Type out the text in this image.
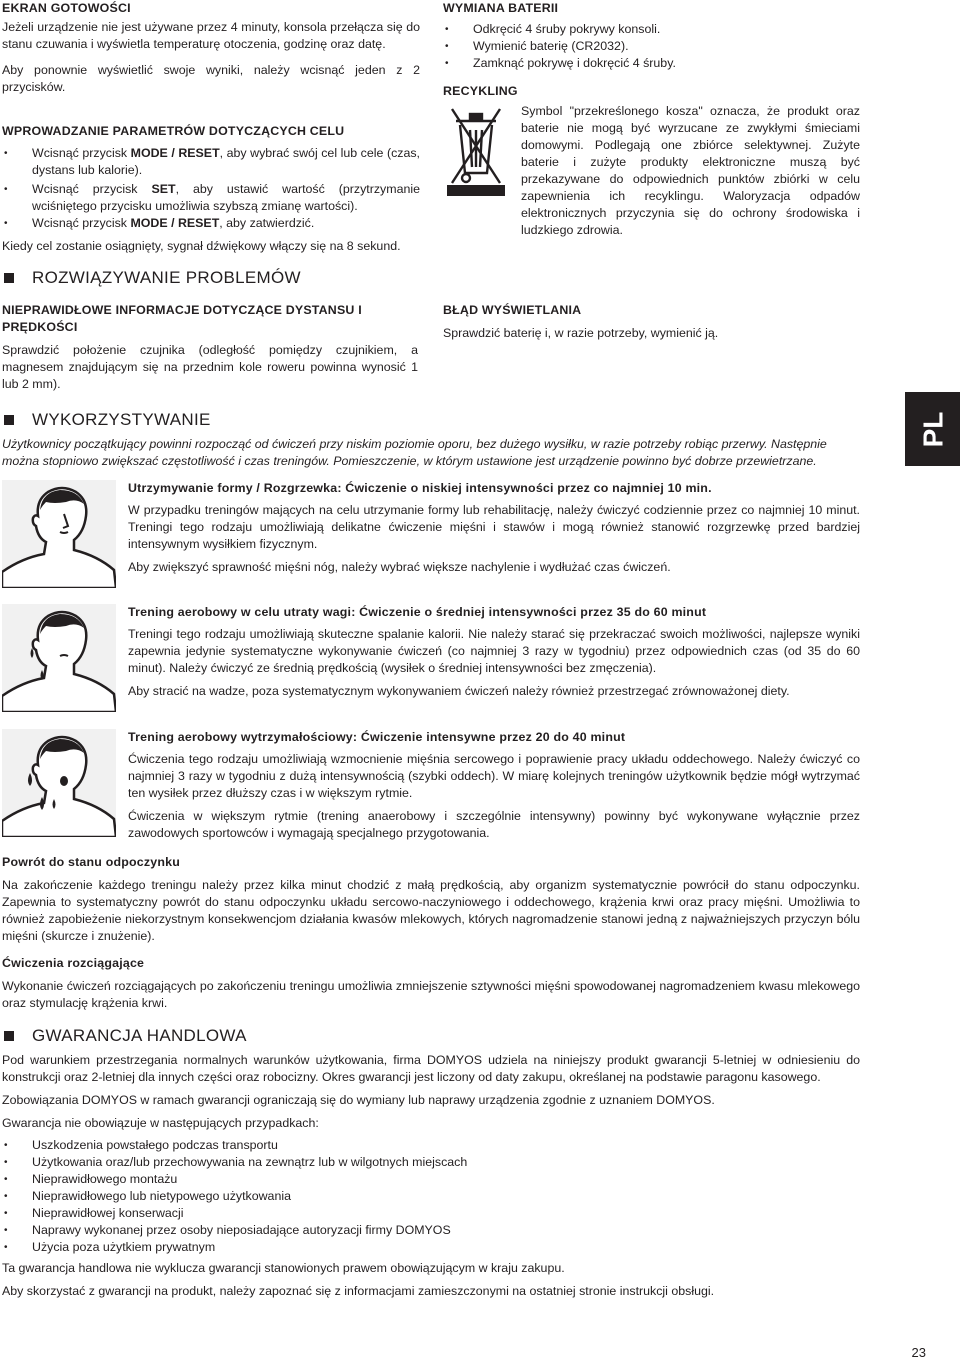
EKRAN GOTOWOŚCI

Jeżeli urządzenie nie jest używane przez 4 minuty, konsola przełącza się do stanu czuwania i wyświetla temperaturę otoczenia, godzinę oraz datę.

Aby ponownie wyświetlić swoje wyniki, należy wcisnąć jeden z 2 przycisków.

WPROWADZANIE PARAMETRÓW DOTYCZĄCYCH CELU
• Wcisnąć przycisk MODE / RESET, aby wybrać swój cel lub cele (czas, dystans lub kalorie).
• Wcisnąć przycisk SET, aby ustawić wartość (przytrzymanie wciśniętego przycisku umożliwia szybszą zmianę wartości).
• Wcisnąć przycisk MODE / RESET, aby zatwierdzić.

Kiedy cel zostanie osiągnięty, sygnał dźwiękowy włączy się na 8 sekund.

WYMIANA BATERII
• Odkręcić 4 śruby pokrywy konsoli.
• Wymienić baterię (CR2032).
• Zamknąć pokrywę i dokręcić 4 śruby.
RECYKLING

Symbol "przekreślonego kosza" oznacza, że produkt oraz baterie nie mogą być wyrzucane ze zwykłymi śmieciami domowymi. Podlegają one zbiórce selektywnej. Zużyte baterie i zużyte produkty elektroniczne muszą być przekazywane do odpowiednich punktów zbiórki w celu zapewnienia ich recyklingu. Waloryzacja odpadów elektronicznych przyczynia się do ochrony środowiska i ludzkiego zdrowia.

ROZWIĄZYWANIE PROBLEMÓW
NIEPRAWIDŁOWE INFORMACJE DOTYCZĄCE DYSTANSU I PRĘDKOŚCI

Sprawdzić położenie czujnika (odległość pomiędzy czujnikiem, a magnesem znajdującym się na przednim kole roweru powinna wynosić 1 lub 2 mm).

BŁĄD WYŚWIETLANIA

Sprawdzić baterię i, w razie potrzeby, wymienić ją.

PL
WYKORZYSTYWANIE

Użytkownicy początkujący powinni rozpocząć od ćwiczeń przy niskim poziomie oporu, bez dużego wysiłku, w razie potrzeby robiąc przerwy. Następnie można stopniowo zwiększać częstotliwość i czas treningów. Pomieszczenie, w którym ustawione jest urządzenie powinno być dobrze przewietrzane.

Utrzymywanie formy / Rozgrzewka: Ćwiczenie o niskiej intensywności przez co najmniej 10 min.

W przypadku treningów mających na celu utrzymanie formy lub rehabilitację, należy ćwiczyć codziennie przez co najmniej 10 minut. Treningi tego rodzaju umożliwiają delikatne ćwiczenie mięśni i stawów i mogą również stanowić rozgrzewkę przed bardziej intensywnym wysiłkiem fizycznym.

Aby zwiększyć sprawność mięśni nóg, należy wybrać większe nachylenie i wydłużać czas ćwiczeń.

Trening aerobowy w celu utraty wagi: Ćwiczenie o średniej intensywności przez 35 do 60 minut

Treningi tego rodzaju umożliwiają skuteczne spalanie kalorii. Nie należy starać się przekraczać swoich możliwości, najlepsze wyniki zapewnia jedynie systematyczne wykonywanie ćwiczeń (co najmniej 3 razy w tygodniu) przez odpowiednich czas (od 35 do 60 minut). Należy ćwiczyć ze średnią prędkością (wysiłek o średniej intensywności bez zmęczenia).

Aby stracić na wadze, poza systematycznym wykonywaniem ćwiczeń należy również przestrzegać zrównoważonej diety.

Trening aerobowy wytrzymałościowy: Ćwiczenie intensywne przez 20 do 40 minut

Ćwiczenia tego rodzaju umożliwiają wzmocnienie mięśnia sercowego i poprawienie pracy układu oddechowego. Należy ćwiczyć co najmniej 3 razy w tygodniu z dużą intensywnością (szybki oddech). W miarę kolejnych treningów użytkownik będzie mógł wytrzymać ten wysiłek przez dłuższy czas i w większym rytmie.

Ćwiczenia w większym rytmie (trening anaerobowy i szczególnie intensywny) powinny być wykonywane wyłącznie przez zawodowych sportowców i wymagają specjalnego przygotowania.

Powrót do stanu odpoczynku

Na zakończenie każdego treningu należy przez kilka minut chodzić z małą prędkością, aby organizm systematycznie powrócił do stanu odpoczynku. Zapewnia to systematyczny powrót do stanu odpoczynku układu sercowo-naczyniowego i oddechowego, krążenia krwi oraz pracy mięśni. Umożliwia to również zapobieżenie niekorzystnym konsekwencjom działania kwasów mlekowych, których nagromadzenie stanowi jedną z najważniejszych przyczyn bólu mięśni (skurcze i znużenie).

Ćwiczenia rozciągające

Wykonanie ćwiczeń rozciągających po zakończeniu treningu umożliwia zmniejszenie sztywności mięśni spowodowanej nagromadzeniem kwasu mlekowego oraz stymulację krążenia krwi.

GWARANCJA HANDLOWA

Pod warunkiem przestrzegania normalnych warunków użytkowania, firma DOMYOS udziela na niniejszy produkt gwarancji 5-letniej w odniesieniu do konstrukcji oraz 2-letniej dla innych części oraz robocizny. Okres gwarancji jest liczony od daty zakupu, określanej na podstawie paragonu kasowego.

Zobowiązania DOMYOS w ramach gwarancji ograniczają się do wymiany lub naprawy urządzenia zgodnie z uznaniem DOMYOS.

Gwarancja nie obowiązuje w następujących przypadkach:

• Uszkodzenia powstałego podczas transportu
• Użytkowania oraz/lub przechowywania na zewnątrz lub w wilgotnych miejscach
• Nieprawidłowego montażu
• Nieprawidłowego lub nietypowego użytkowania
• Nieprawidłowej konserwacji
• Naprawy wykonanej przez osoby nieposiadające autoryzacji firmy DOMYOS
• Użycia poza użytkiem prywatnym

Ta gwarancja handlowa nie wyklucza gwarancji stanowionych prawem obowiązującym w kraju zakupu.

Aby skorzystać z gwarancji na produkt, należy zapoznać się z informacjami zamieszczonymi na ostatniej stronie instrukcji obsługi.

23
